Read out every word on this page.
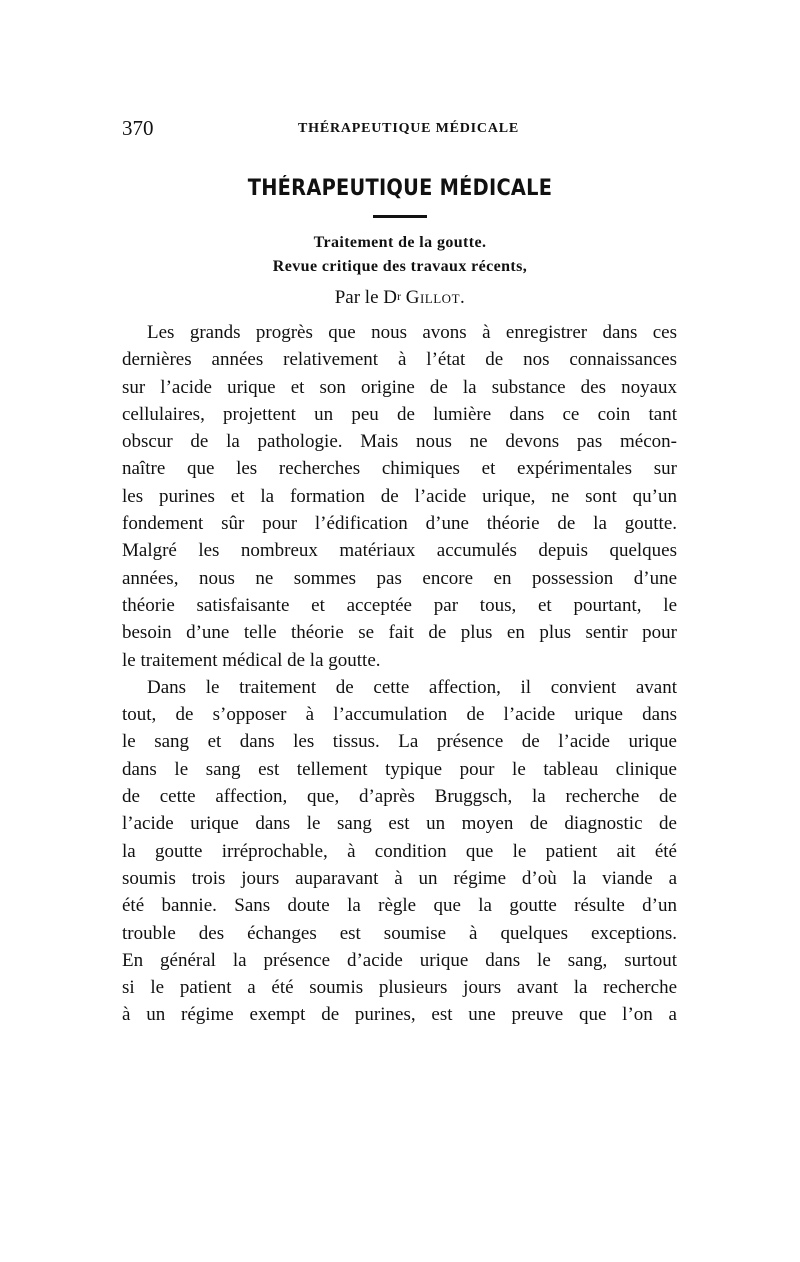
370	THÉRAPEUTIQUE MÉDICALE
THÉRAPEUTIQUE MÉDICALE
Traitement de la goutte.
Revue critique des travaux récents,
Par le $D^r$ Gillot.
Les grands progrès que nous avons à enregistrer dans ces
dernières années relativement à l’état de nos connaissances
sur l’acide urique et son origine de la substance des noyaux
cellulaires, projettent un peu de lumière dans ce coin tant
obscur de la pathologie. Mais nous ne devons pas mécon-
naître que les recherches chimiques et expérimentales sur
les purines et la formation de l’acide urique, ne sont qu’un
fondement sûr pour l’édification d’une théorie de la goutte.
Malgré les nombreux matériaux accumulés depuis quelques
années, nous ne sommes pas encore en possession d’une
théorie satisfaisante et acceptée par tous, et pourtant, le
besoin d’une telle théorie se fait de plus en plus sentir pour
le traitement médical de la goutte.
Dans le traitement de cette affection, il convient avant
tout, de s’opposer à l’accumulation de l’acide urique dans
le sang et dans les tissus. La présence de l’acide urique
dans le sang est tellement typique pour le tableau clinique
de cette affection, que, d’après Bruggsch, la recherche de
l’acide urique dans le sang est un moyen de diagnostic de
la goutte irréprochable, à condition que le patient ait été
soumis trois jours auparavant à un régime d’où la viande a
été bannie. Sans doute la règle que la goutte résulte d’un
trouble des échanges est soumise à quelques exceptions.
En général la présence d’acide urique dans le sang, surtout
si le patient a été soumis plusieurs jours avant la recherche
à un régime exempt de purines, est une preuve que l’on a
